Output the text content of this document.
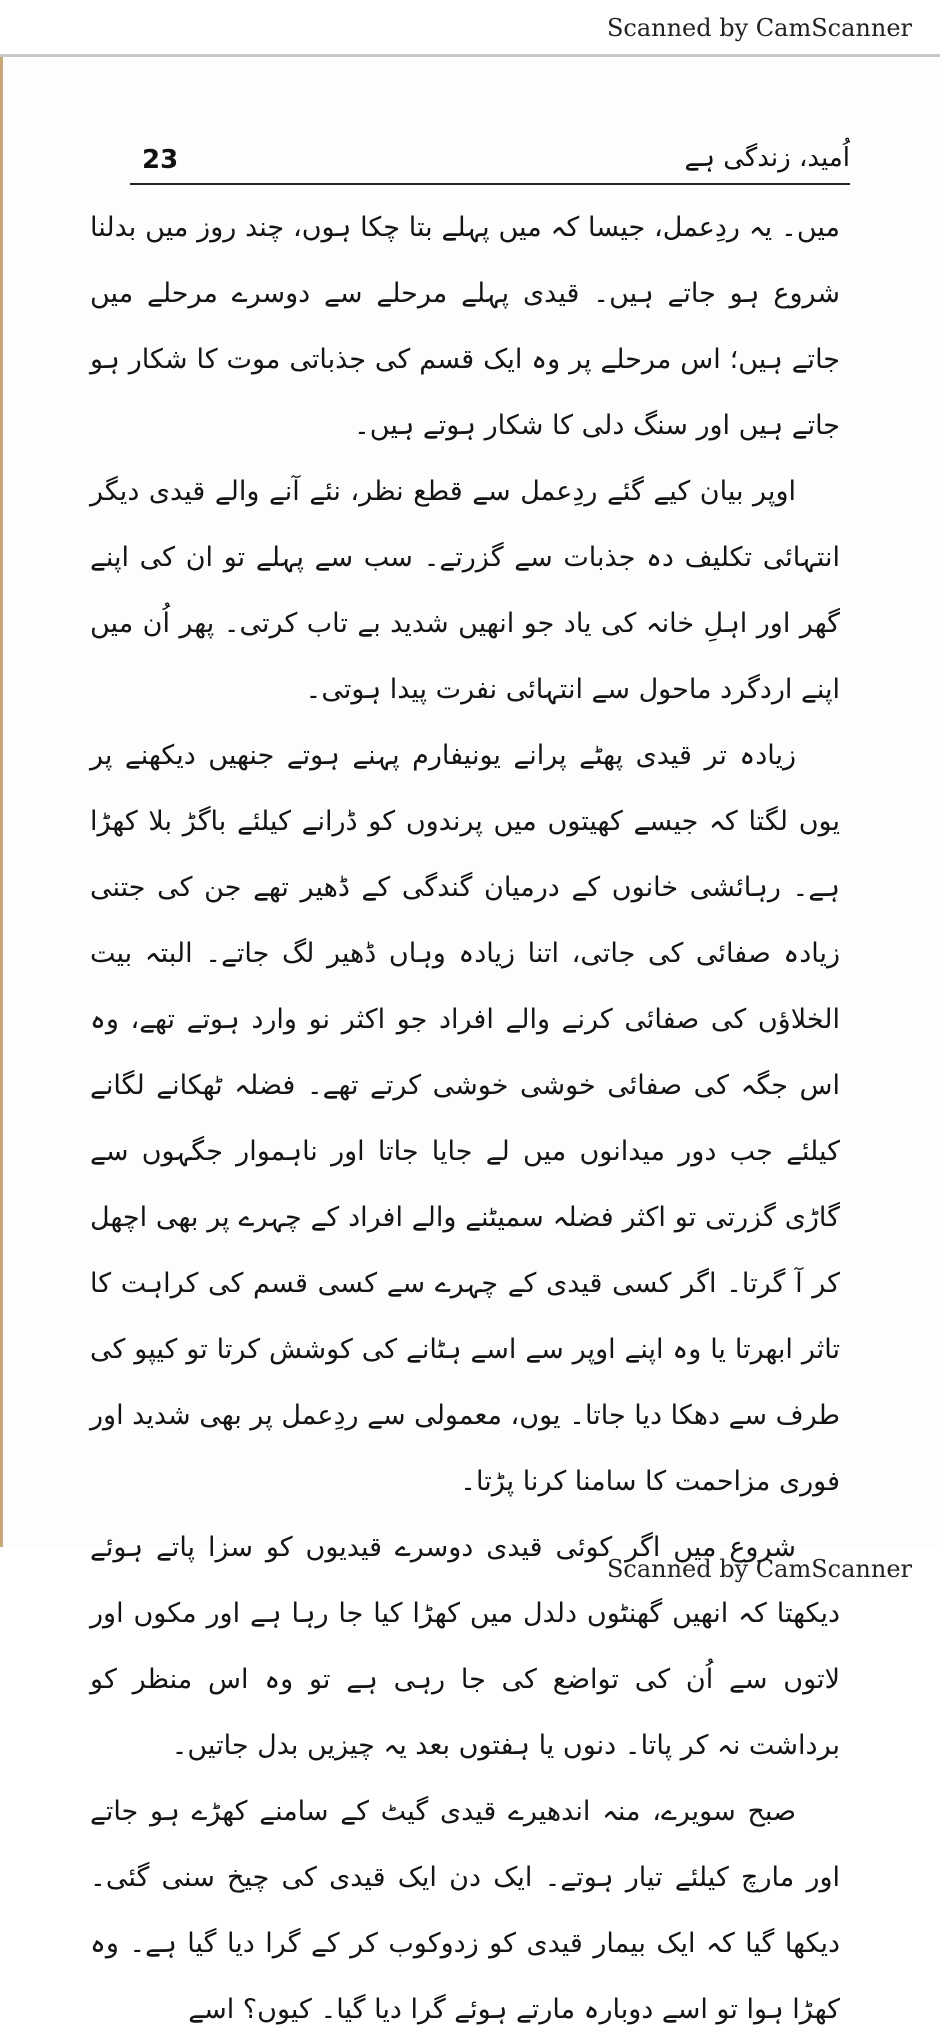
Scanned by CamScanner
23	اُمید، زندگی ہے

میں۔ یہ ردِعمل، جیسا کہ میں پہلے بتا چکا ہوں، چند روز میں بدلنا شروع ہو جاتے ہیں۔ قیدی پہلے مرحلے سے دوسرے مرحلے میں جاتے ہیں؛ اس مرحلے پر وہ ایک قسم کی جذباتی موت کا شکار ہو جاتے ہیں اور سنگ دلی کا شکار ہوتے ہیں۔

اوپر بیان کیے گئے ردِعمل سے قطع نظر، نئے آنے والے قیدی دیگر انتہائی تکلیف دہ جذبات سے گزرتے۔ سب سے پہلے تو ان کی اپنے گھر اور اہلِ خانہ کی یاد جو انھیں شدید بے تاب کرتی۔ پھر اُن میں اپنے اردگرد ماحول سے انتہائی نفرت پیدا ہوتی۔

زیادہ تر قیدی پھٹے پرانے یونیفارم پہنے ہوتے جنھیں دیکھنے پر یوں لگتا کہ جیسے کھیتوں میں پرندوں کو ڈرانے کیلئے باگڑ بلا کھڑا ہے۔ رہائشی خانوں کے درمیان گندگی کے ڈھیر تھے جن کی جتنی زیادہ صفائی کی جاتی، اتنا زیادہ وہاں ڈھیر لگ جاتے۔ البتہ بیت الخلاؤں کی صفائی کرنے والے افراد جو اکثر نو وارد ہوتے تھے، وہ اس جگہ کی صفائی خوشی خوشی کرتے تھے۔ فضلہ ٹھکانے لگانے کیلئے جب دور میدانوں میں لے جایا جاتا اور ناہموار جگہوں سے گاڑی گزرتی تو اکثر فضلہ سمیٹنے والے افراد کے چہرے پر بھی اچھل کر آ گرتا۔ اگر کسی قیدی کے چہرے سے کسی قسم کی کراہت کا تاثر ابھرتا یا وہ اپنے اوپر سے اسے ہٹانے کی کوشش کرتا تو کیپو کی طرف سے دھکا دیا جاتا۔ یوں، معمولی سے ردِعمل پر بھی شدید اور فوری مزاحمت کا سامنا کرنا پڑتا۔

شروع میں اگر کوئی قیدی دوسرے قیدیوں کو سزا پاتے ہوئے دیکھتا کہ انھیں گھنٹوں دلدل میں کھڑا کیا جا رہا ہے اور مکوں اور لاتوں سے اُن کی تواضع کی جا رہی ہے تو وہ اس منظر کو برداشت نہ کر پاتا۔ دنوں یا ہفتوں بعد یہ چیزیں بدل جاتیں۔

صبح سویرے، منہ اندھیرے قیدی گیٹ کے سامنے کھڑے ہو جاتے اور مارچ کیلئے تیار ہوتے۔ ایک دن ایک قیدی کی چیخ سنی گئی۔ دیکھا گیا کہ ایک بیمار قیدی کو زدوکوب کر کے گرا دیا گیا ہے۔ وہ کھڑا ہوا تو اسے دوبارہ مارتے ہوئے گرا دیا گیا۔ کیوں؟ اسے

Scanned by CamScanner
